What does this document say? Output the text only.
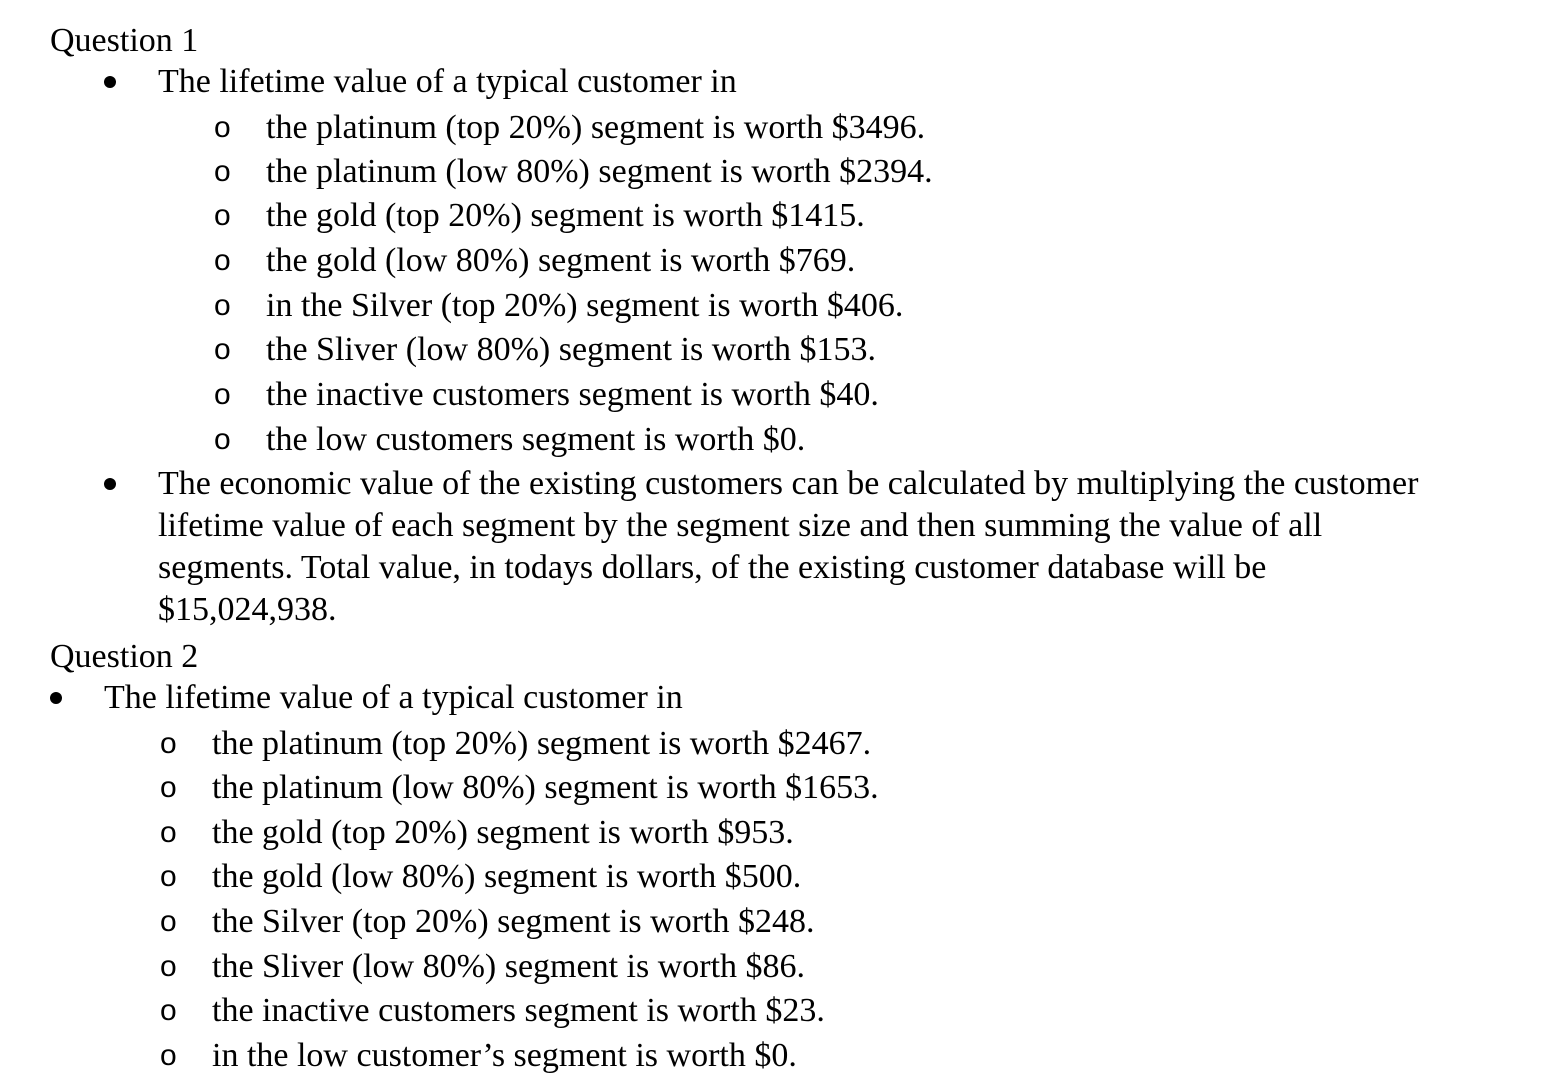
Question 1
The lifetime value of a typical customer in
o the platinum (top 20%) segment is worth $3496.
o the platinum (low 80%) segment is worth $2394.
o the gold (top 20%) segment is worth $1415.
o the gold (low 80%) segment is worth $769.
o in the Silver (top 20%) segment is worth $406.
o the Sliver (low 80%) segment is worth $153.
o the inactive customers segment is worth $40.
o the low customers segment is worth $0.
The economic value of the existing customers can be calculated by multiplying the customer lifetime value of each segment by the segment size and then summing the value of all segments. Total value, in todays dollars, of the existing customer database will be $15,024,938.
Question 2
The lifetime value of a typical customer in
o the platinum (top 20%) segment is worth $2467.
o the platinum (low 80%) segment is worth $1653.
o the gold (top 20%) segment is worth $953.
o the gold (low 80%) segment is worth $500.
o the Silver (top 20%) segment is worth $248.
o the Sliver (low 80%) segment is worth $86.
o the inactive customers segment is worth $23.
o in the low customer’s segment is worth $0.
